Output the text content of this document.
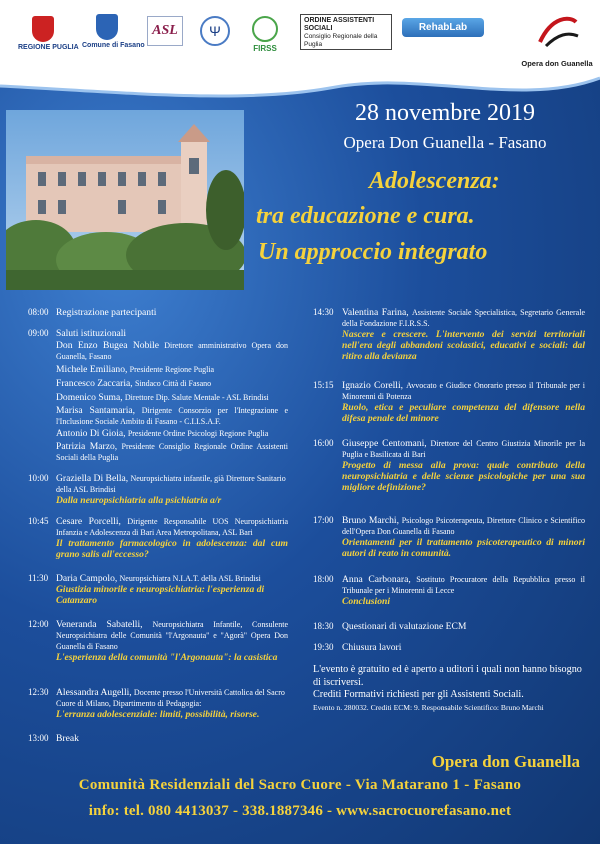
REGIONE PUGLIA Comune di Fasano
ASL	Ψ
FIRSS
ORDINE ASSISTENTI SOCIALI
Consiglio Regionale della Puglia
RehabLab
Opera don Guanella
28 novembre 2019
Opera Don Guanella - Fasano
Adolescenza:
tra educazione e cura.
Un approccio integrato
08:00 Registrazione partecipanti
09:00 Saluti istituzionali
Don Enzo Bugea Nobile Direttore amministrativo Opera don Guanella, Fasano
Michele Emiliano, Presidente Regione Puglia
Francesco Zaccaria, Sindaco Città di Fasano
Domenico Suma, Direttore Dip. Salute Mentale - ASL Brindisi
Marisa Santamaria, Dirigente Consorzio per l'Integrazione e l'Inclusione Sociale Ambito di Fasano - C.I.I.S.A.F.
Antonio Di Gioia, Presidente Ordine Psicologi Regione Puglia
Patrizia Marzo, Presidente Consiglio Regionale Ordine Assistenti Sociali della Puglia
10:00 Graziella Di Bella, Neuropsichiatra infantile, già Direttore Sanitario della ASL Brindisi
Dalla neuropsichiatria alla psichiatria a/r
10:45 Cesare Porcelli, Dirigente Responsabile UOS Neuropsichiatria Infanzia e Adolescenza di Bari Area Metropolitana, ASL Bari
Il trattamento farmacologico in adolescenza: dal cum grano salis all'eccesso?
11:30 Daria Campolo, Neuropsichiatra N.I.A.T. della ASL Brindisi
Giustizia minorile e neuropsichiatria: l'esperienza di Catanzaro
12:00 Veneranda Sabatelli, Neuropsichiatra Infantile, Consulente Neuropsichiatra delle Comunità "l'Argonauta" e "Agorà" Opera Don Guanella di Fasano
L'esperienza della comunità "l'Argonauta": la casistica
12:30 Alessandra Augelli, Docente presso l'Università Cattolica del Sacro Cuore di Milano, Dipartimento di Pedagogia:
L'erranza adolescenziale: limiti, possibilità, risorse.
13:00 Break
14:30 Valentina Farina, Assistente Sociale Specialistica, Segretario Generale della Fondazione F.I.R.S.S.
Nascere e crescere. L'intervento dei servizi territoriali nell'era degli abbandoni scolastici, educativi e sociali: dal ritiro alla devianza
15:15 Ignazio Corelli, Avvocato e Giudice Onorario presso il Tribunale per i Minorenni di Potenza
Ruolo, etica e peculiare competenza del difensore nella difesa penale del minore
16:00 Giuseppe Centomani, Direttore del Centro Giustizia Minorile per la Puglia e Basilicata di Bari
Progetto di messa alla prova: quale contributo della neuropsichiatria e delle scienze psicologiche per una sua migliore definizione?
17:00 Bruno Marchi, Psicologo Psicoterapeuta, Direttore Clinico e Scientifico dell'Opera Don Guanella di Fasano
Orientamenti per il trattamento psicoterapeutico di minori autori di reato in comunità.
18:00 Anna Carbonara, Sostituto Procuratore della Repubblica presso il Tribunale per i Minorenni di Lecce
Conclusioni
18:30 Questionari di valutazione ECM
19:30 Chiusura lavori
L'evento è gratuito ed è aperto a uditori i quali non hanno bisogno di iscriversi.
Crediti Formativi richiesti per gli Assistenti Sociali.
Evento n. 280032. Crediti ECM: 9. Responsabile Scientifico: Bruno Marchi
Opera don Guanella
Comunità Residenziali del Sacro Cuore - Via Matarano 1 - Fasano
info: tel. 080 4413037 - 338.1887346 - www.sacrocuorefasano.net
